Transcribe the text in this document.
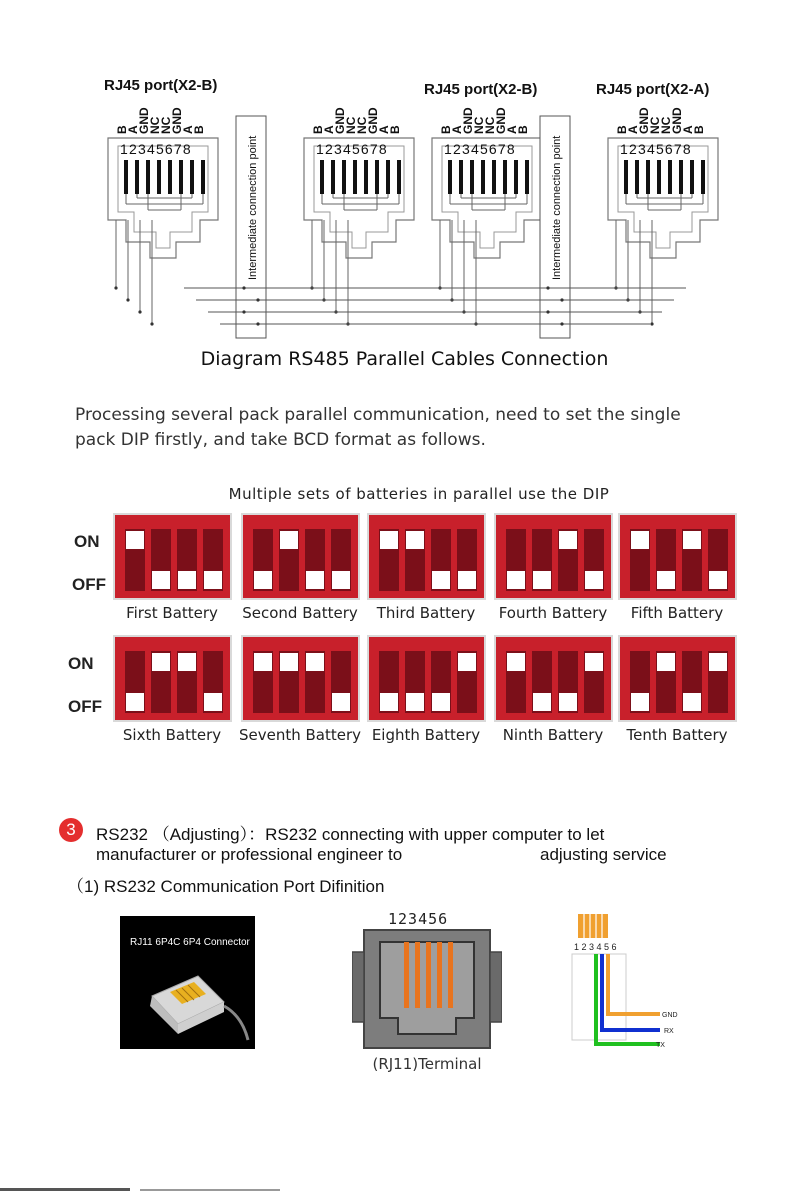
RJ45 port(X2-B)	RJ45 port(X2-B)	RJ45 port(X2-A)
B
A
GND
NC
NC
GND
A
B
12345678
B
A
GND
NC
NC
GND
A
B
12345678
B
A
GND
NC
NC
GND
A
B
12345678
B
A
GND
NC
NC
GND
A
B
12345678
Intermediate connection point	Intermediate connection point
Diagram RS485 Parallel Cables Connection
Processing several pack parallel communication, need to set the single
pack DIP firstly, and take BCD format as follows.
Multiple sets of batteries in parallel use the DIP
ON
OFF
ON
OFF
First Battery	Second Battery	Third Battery	Fourth Battery	Fifth Battery
Sixth Battery	Seventh Battery Eighth Battery	Ninth Battery	Tenth Battery
3	RS232 （Adjusting）：RS232 connecting with upper computer to let
manufacturer or professional engineer to	adjusting service
（1) RS232 Communication Port Difinition
RJ11 6P4C 6P4 Connector
123456
(RJ11)Terminal
1 2 3 4 5 6
GND
RX
TX
